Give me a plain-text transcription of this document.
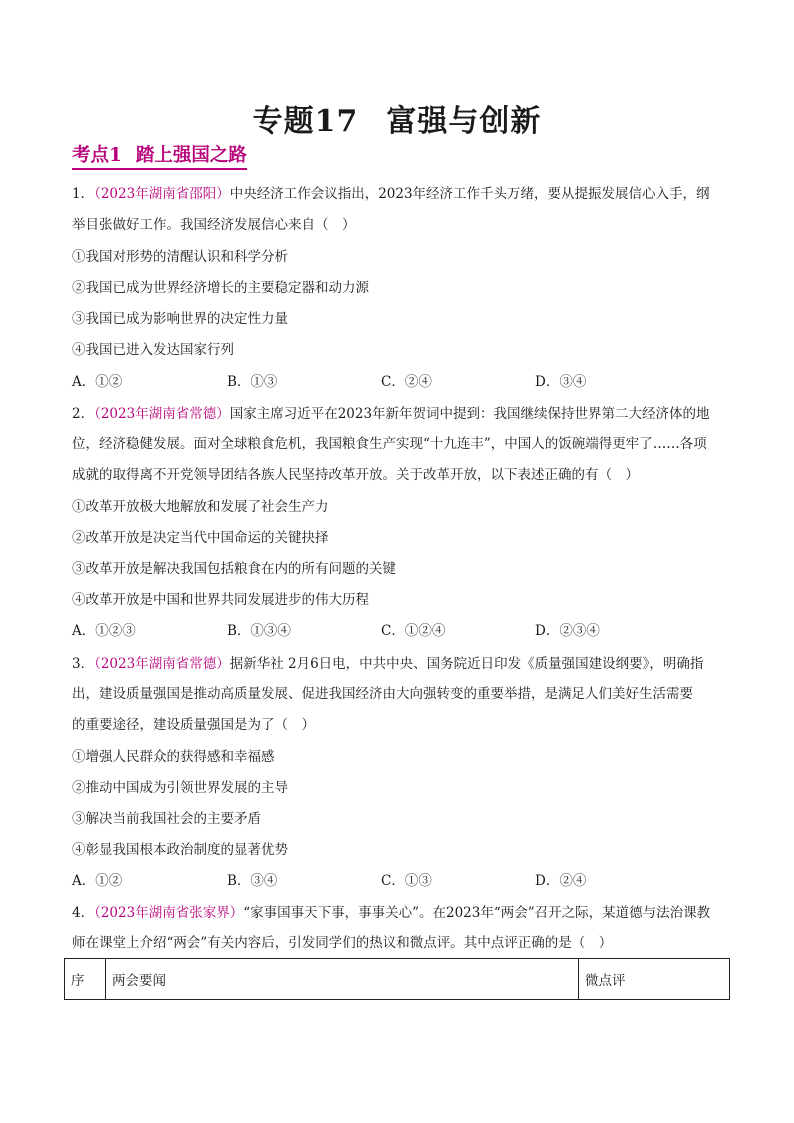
专题17 富强与创新
考点1 踏上强国之路
1．（2023年湖南省邵阳）中央经济工作会议指出，2023年经济工作千头万绪，要从提振发展信心入手，纲
举目张做好工作。我国经济发展信心来自（　）
①我国对形势的清醒认识和科学分析
②我国已成为世界经济增长的主要稳定器和动力源
③我国已成为影响世界的决定性力量
④我国已进入发达国家行列
A．①②	B．①③	C．②④	D．③④
2．（2023年湖南省常德）国家主席习近平在2023年新年贺词中提到：我国继续保持世界第二大经济体的地
位，经济稳健发展。面对全球粮食危机，我国粮食生产实现“十九连丰”，中国人的饭碗端得更牢了……各项
成就的取得离不开党领导团结各族人民坚持改革开放。关于改革开放，以下表述正确的有（　）
①改革开放极大地解放和发展了社会生产力
②改革开放是决定当代中国命运的关键抉择
③改革开放是解决我国包括粮食在内的所有问题的关键
④改革开放是中国和世界共同发展进步的伟大历程
A．①②③	B．①③④	C．①②④	D．②③④
3．（2023年湖南省常德）据新华社 2月6日电，中共中央、国务院近日印发《质量强国建设纲要》，明确指
出，建设质量强国是推动高质量发展、促进我国经济由大向强转变的重要举措，是满足人们美好生活需要
的重要途径，建设质量强国是为了（　）
①增强人民群众的获得感和幸福感
②推动中国成为引领世界发展的主导
③解决当前我国社会的主要矛盾
④彰显我国根本政治制度的显著优势
A．①②	B．③④	C．①③	D．②④
4．（2023年湖南省张家界）“家事国事天下事，事事关心”。在2023年“两会”召开之际，某道德与法治课教
师在课堂上介绍“两会”有关内容后，引发同学们的热议和微点评。其中点评正确的是（　）
序	两会要闻	微点评
